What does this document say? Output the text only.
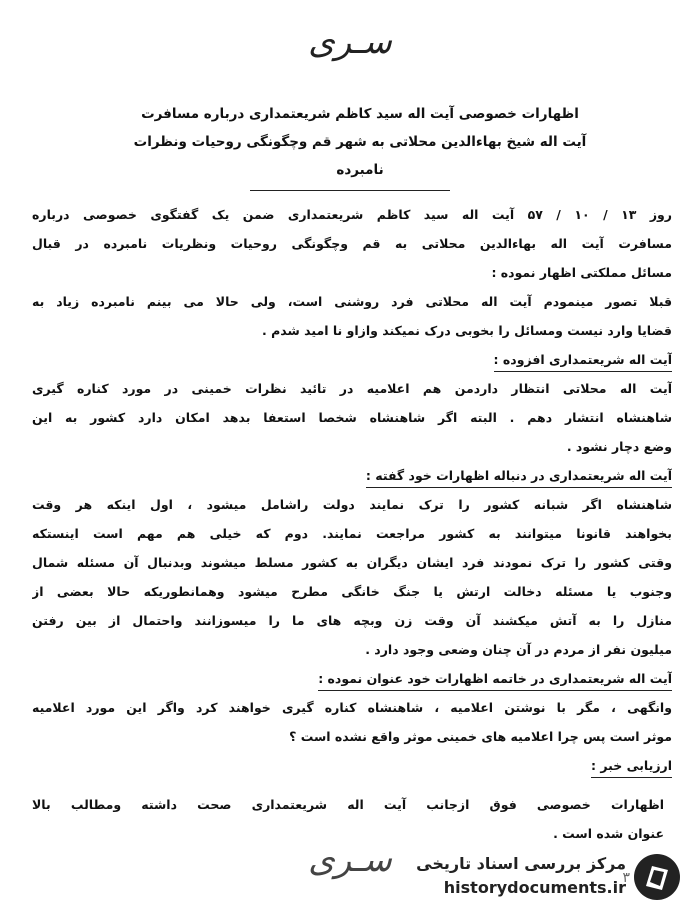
سـری
اظهارات خصوصی آیت اله سید کاظم شریعتمداری درباره مسافرت
آیت اله شیخ بهاءالدین محلاتی به شهر قم وچگونگی روحیات ونظرات
نامبرده
روز ۱۳ / ۱۰ / ۵۷ آیت اله سید کاظم شریعتمداری ضمن یک گفتگوی خصوصی درباره
مسافرت آیت اله بهاءالدین محلاتی به قم وچگونگی روحیات ونظریات نامبرده در قبال
مسائل مملکتی اظهار نموده :
قبلا تصور مینمودم آیت اله محلاتی فرد روشنی است، ولی حالا می بینم نامبرده زیاد به
قضایا وارد نیست ومسائل را بخوبی درک نمیکند وازاو نا امید شدم .
آیت اله شریعتمداری افزوده :
آیت اله محلاتی انتظار داردمن هم اعلامیه در تائید نظرات خمینی در مورد کناره گیری
شاهنشاه انتشار دهم . البته اگر شاهنشاه شخصا استعفا بدهد امکان دارد کشور به این
وضع دچار نشود .
آیت اله شریعتمداری در دنباله اظهارات خود گفته :
شاهنشاه اگر شبانه کشور را ترک نمایند دولت راشامل میشود ، اول اینکه هر وقت
بخواهند قانونا میتوانند به کشور مراجعت نمایند. دوم که خیلی هم مهم است اینستکه
وقتی کشور را ترک نمودند فرد ایشان دیگران به کشور مسلط میشوند وبدنبال آن مسئله شمال
وجنوب یا مسئله دخالت ارتش یا جنگ خانگی مطرح میشود وهمانطوریکه حالا بعضی از
منازل را به آتش میکشند آن وقت زن وبچه های ما را میسوزانند واحتمال از بین رفتن
میلیون نفر از مردم در آن چنان وضعی وجود دارد .
آیت اله شریعتمداری در خاتمه اظهارات خود عنوان نموده :
وانگهی ، مگر با نوشتن اعلامیه ، شاهنشاه کناره گیری خواهند کرد واگر این مورد اعلامیه
موثر است پس چرا اعلامیه های خمینی موثر واقع نشده است ؟
ارزیابی خبر :
اظهارات خصوصی فوق ازجانب آیت اله شریعتمداری صحت داشته ومطالب بالا
عنوان شده است .
سـری	مرکز بررسی اسناد تاریخی
۳
historydocuments.ir
